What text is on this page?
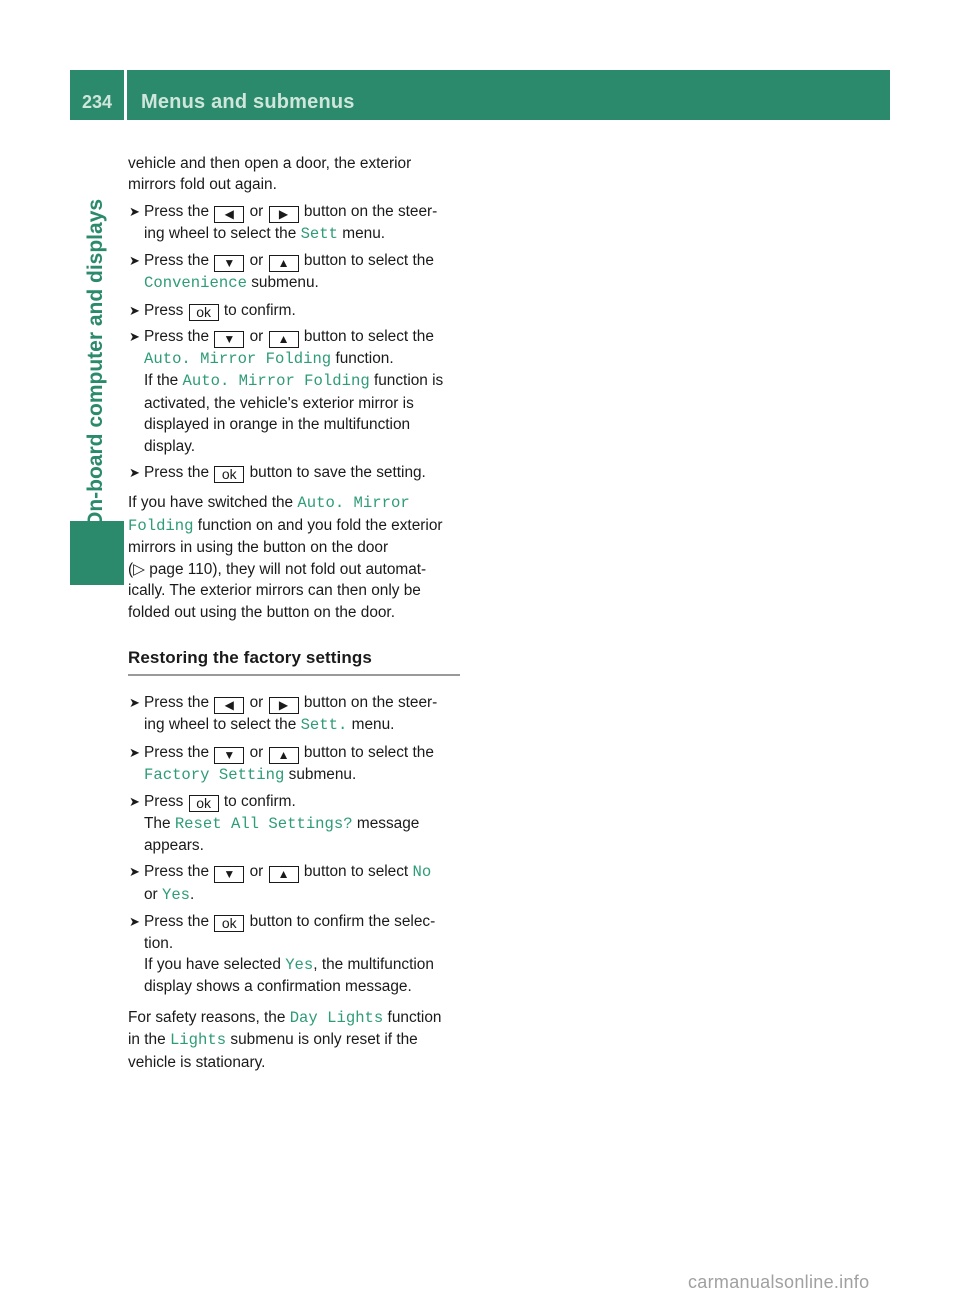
234	Menus and submenus
On-board computer and displays

vehicle and then open a door, the exterior
mirrors fold out again.

➤ Press the ◀ or ▶ button on the steer-
ing wheel to select the Sett menu.

➤ Press the ▼ or ▲ button to select the
Convenience submenu.

➤ Press ok to confirm.

➤ Press the ▼ or ▲ button to select the
Auto. Mirror Folding function.
If the Auto. Mirror Folding function is
activated, the vehicle's exterior mirror is
displayed in orange in the multifunction
display.

➤ Press the ok button to save the setting.

If you have switched the Auto. Mirror
Folding function on and you fold the exterior
mirrors in using the button on the door
(▷ page 110), they will not fold out automat-
ically. The exterior mirrors can then only be
folded out using the button on the door.

Restoring the factory settings

➤ Press the ◀ or ▶ button on the steer-
ing wheel to select the Sett. menu.

➤ Press the ▼ or ▲ button to select the
Factory Setting submenu.

➤ Press ok to confirm.
The Reset All Settings? message
appears.

➤ Press the ▼ or ▲ button to select No
or Yes.

➤ Press the ok button to confirm the selec-
tion.
If you have selected Yes, the multifunction
display shows a confirmation message.

For safety reasons, the Day Lights function
in the Lights submenu is only reset if the
vehicle is stationary.

carmanualsonline.info
